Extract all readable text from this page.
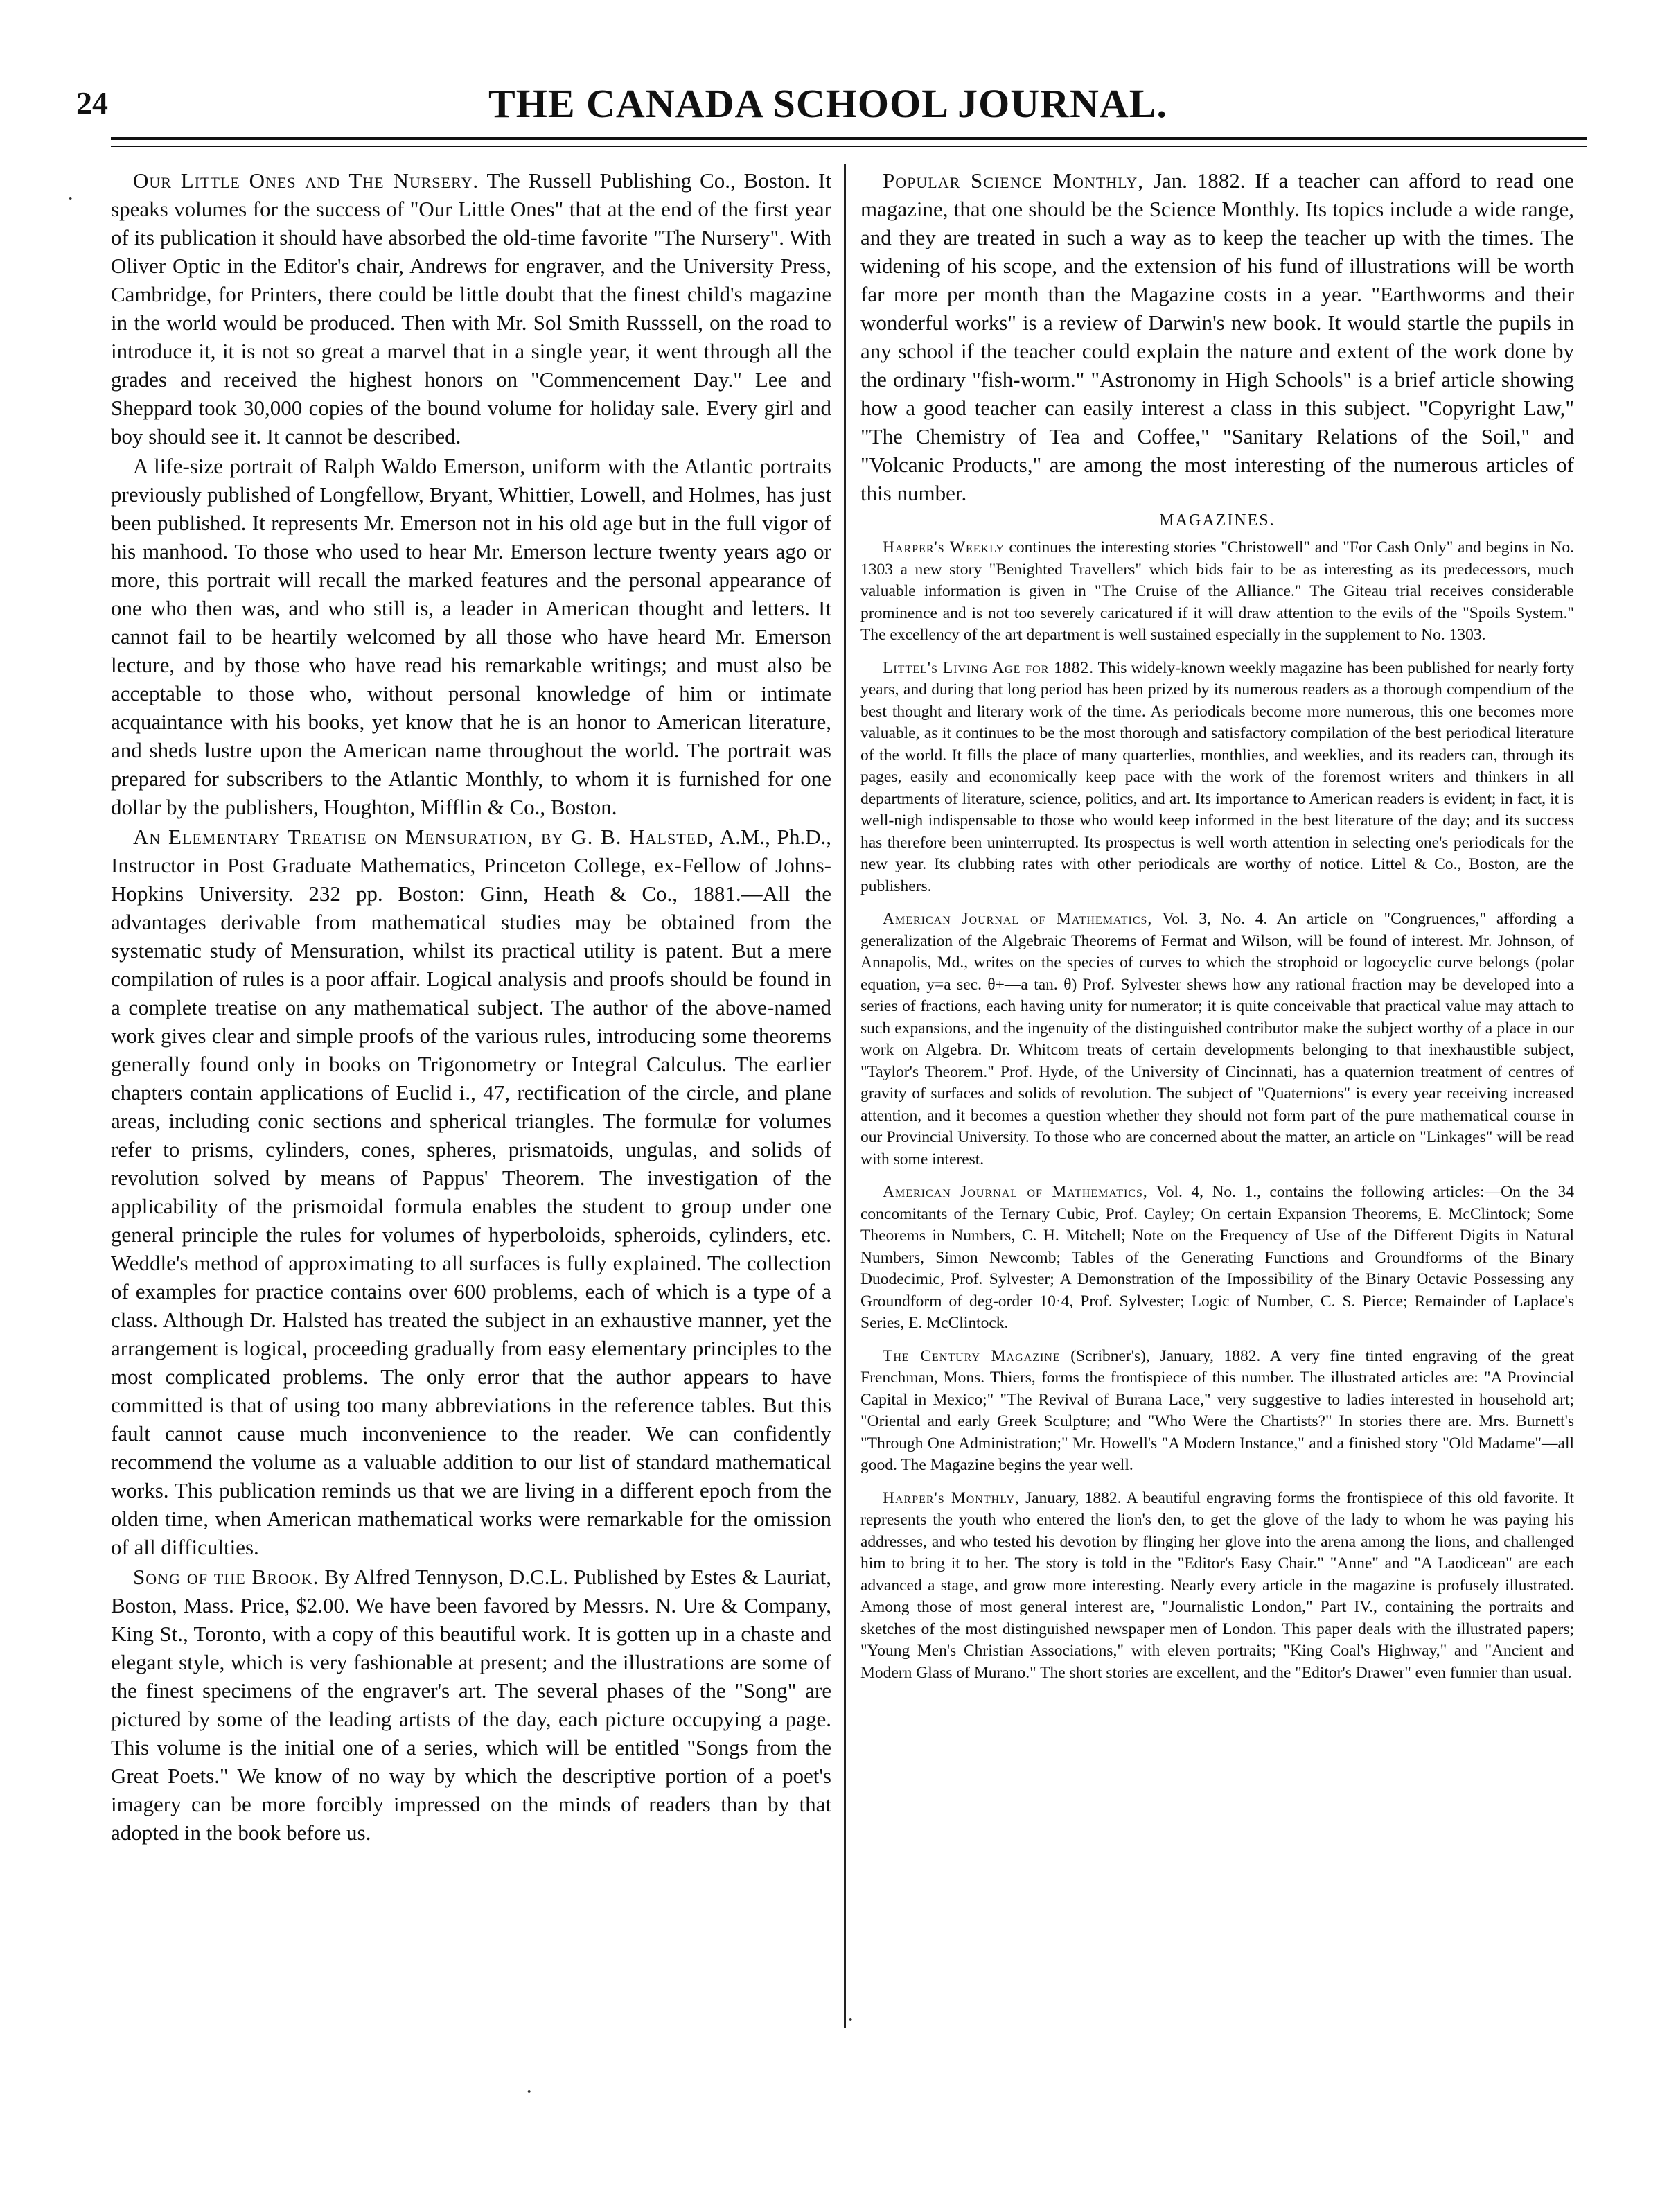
24	THE CANADA SCHOOL JOURNAL.

Our Little Ones and The Nursery. The Russell Publishing Co., Boston. It speaks volumes for the success of "Our Little Ones" that at the end of the first year of its publication it should have absorbed the old-time favorite "The Nursery". With Oliver Optic in the Editor's chair, Andrews for engraver, and the University Press, Cambridge, for Printers, there could be little doubt that the finest child's magazine in the world would be produced. Then with Mr. Sol Smith Russsell, on the road to introduce it, it is not so great a marvel that in a single year, it went through all the grades and received the highest honors on "Commencement Day." Lee and Sheppard took 30,000 copies of the bound volume for holiday sale. Every girl and boy should see it. It cannot be described.

A life-size portrait of Ralph Waldo Emerson, uniform with the Atlantic portraits previously published of Longfellow, Bryant, Whittier, Lowell, and Holmes, has just been published. It represents Mr. Emerson not in his old age but in the full vigor of his manhood. To those who used to hear Mr. Emerson lecture twenty years ago or more, this portrait will recall the marked features and the personal appearance of one who then was, and who still is, a leader in American thought and letters. It cannot fail to be heartily welcomed by all those who have heard Mr. Emerson lecture, and by those who have read his remarkable writings; and must also be acceptable to those who, without personal knowledge of him or intimate acquaintance with his books, yet know that he is an honor to American literature, and sheds lustre upon the American name throughout the world. The portrait was prepared for subscribers to the Atlantic Monthly, to whom it is furnished for one dollar by the publishers, Houghton, Mifflin & Co., Boston.

An Elementary Treatise on Mensuration, by G. B. Halsted, A.M., Ph.D., Instructor in Post Graduate Mathematics, Princeton College, ex-Fellow of Johns-Hopkins University. 232 pp. Boston: Ginn, Heath & Co., 1881.—All the advantages derivable from mathematical studies may be obtained from the systematic study of Mensuration, whilst its practical utility is patent. But a mere compilation of rules is a poor affair. Logical analysis and proofs should be found in a complete treatise on any mathematical subject. The author of the above-named work gives clear and simple proofs of the various rules, introducing some theorems generally found only in books on Trigonometry or Integral Calculus. The earlier chapters contain applications of Euclid i., 47, rectification of the circle, and plane areas, including conic sections and spherical triangles. The formulæ for volumes refer to prisms, cylinders, cones, spheres, prismatoids, ungulas, and solids of revolution solved by means of Pappus' Theorem. The investigation of the applicability of the prismoidal formula enables the student to group under one general principle the rules for volumes of hyperboloids, spheroids, cylinders, etc. Weddle's method of approximating to all surfaces is fully explained. The collection of examples for practice contains over 600 problems, each of which is a type of a class. Although Dr. Halsted has treated the subject in an exhaustive manner, yet the arrangement is logical, proceeding gradually from easy elementary principles to the most complicated problems. The only error that the author appears to have committed is that of using too many abbreviations in the reference tables. But this fault cannot cause much inconvenience to the reader. We can confidently recommend the volume as a valuable addition to our list of standard mathematical works. This publication reminds us that we are living in a different epoch from the olden time, when American mathematical works were remarkable for the omission of all difficulties.

Song of the Brook. By Alfred Tennyson, D.C.L. Published by Estes & Lauriat, Boston, Mass. Price, $2.00. We have been favored by Messrs. N. Ure & Company, King St., Toronto, with a copy of this beautiful work. It is gotten up in a chaste and elegant style, which is very fashionable at present; and the illustrations are some of the finest specimens of the engraver's art. The several phases of the "Song" are pictured by some of the leading artists of the day, each picture occupying a page. This volume is the initial one of a series, which will be entitled "Songs from the Great Poets." We know of no way by which the descriptive portion of a poet's imagery can be more forcibly impressed on the minds of readers than by that adopted in the book before us.

Popular Science Monthly, Jan. 1882. If a teacher can afford to read one magazine, that one should be the Science Monthly. Its topics include a wide range, and they are treated in such a way as to keep the teacher up with the times. The widening of his scope, and the extension of his fund of illustrations will be worth far more per month than the Magazine costs in a year. "Earthworms and their wonderful works" is a review of Darwin's new book. It would startle the pupils in any school if the teacher could explain the nature and extent of the work done by the ordinary "fish-worm." "Astronomy in High Schools" is a brief article showing how a good teacher can easily interest a class in this subject. "Copyright Law," "The Chemistry of Tea and Coffee," "Sanitary Relations of the Soil," and "Volcanic Products," are among the most interesting of the numerous articles of this number.

MAGAZINES.

Harper's Weekly continues the interesting stories "Christowell" and "For Cash Only" and begins in No. 1303 a new story "Benighted Travellers" which bids fair to be as interesting as its predecessors, much valuable information is given in "The Cruise of the Alliance." The Giteau trial receives considerable prominence and is not too severely caricatured if it will draw attention to the evils of the "Spoils System." The excellency of the art department is well sustained especially in the supplement to No. 1303.

Littel's Living Age for 1882. This widely-known weekly magazine has been published for nearly forty years, and during that long period has been prized by its numerous readers as a thorough compendium of the best thought and literary work of the time. As periodicals become more numerous, this one becomes more valuable, as it continues to be the most thorough and satisfactory compilation of the best periodical literature of the world. It fills the place of many quarterlies, monthlies, and weeklies, and its readers can, through its pages, easily and economically keep pace with the work of the foremost writers and thinkers in all departments of literature, science, politics, and art. Its importance to American readers is evident; in fact, it is well-nigh indispensable to those who would keep informed in the best literature of the day; and its success has therefore been uninterrupted. Its prospectus is well worth attention in selecting one's periodicals for the new year. Its clubbing rates with other periodicals are worthy of notice. Littel & Co., Boston, are the publishers.

American Journal of Mathematics, Vol. 3, No. 4. An article on "Congruences," affording a generalization of the Algebraic Theorems of Fermat and Wilson, will be found of interest. Mr. Johnson, of Annapolis, Md., writes on the species of curves to which the strophoid or logocyclic curve belongs (polar equation, y=a sec. θ+—a tan. θ) Prof. Sylvester shews how any rational fraction may be developed into a series of fractions, each having unity for numerator; it is quite conceivable that practical value may attach to such expansions, and the ingenuity of the distinguished contributor make the subject worthy of a place in our work on Algebra. Dr. Whitcom treats of certain developments belonging to that inexhaustible subject, "Taylor's Theorem." Prof. Hyde, of the University of Cincinnati, has a quaternion treatment of centres of gravity of surfaces and solids of revolution. The subject of "Quaternions" is every year receiving increased attention, and it becomes a question whether they should not form part of the pure mathematical course in our Provincial University. To those who are concerned about the matter, an article on "Linkages" will be read with some interest.

American Journal of Mathematics, Vol. 4, No. 1., contains the following articles:—On the 34 concomitants of the Ternary Cubic, Prof. Cayley; On certain Expansion Theorems, E. McClintock; Some Theorems in Numbers, C. H. Mitchell; Note on the Frequency of Use of the Different Digits in Natural Numbers, Simon Newcomb; Tables of the Generating Functions and Groundforms of the Binary Duodecimic, Prof. Sylvester; A Demonstration of the Impossibility of the Binary Octavic Possessing any Groundform of deg-order 10·4, Prof. Sylvester; Logic of Number, C. S. Pierce; Remainder of Laplace's Series, E. McClintock.

The Century Magazine (Scribner's), January, 1882. A very fine tinted engraving of the great Frenchman, Mons. Thiers, forms the frontispiece of this number. The illustrated articles are: "A Provincial Capital in Mexico;" "The Revival of Burana Lace," very suggestive to ladies interested in household art; "Oriental and early Greek Sculpture; and "Who Were the Chartists?" In stories there are. Mrs. Burnett's "Through One Administration;" Mr. Howell's "A Modern Instance," and a finished story "Old Madame"—all good. The Magazine begins the year well.

Harper's Monthly, January, 1882. A beautiful engraving forms the frontispiece of this old favorite. It represents the youth who entered the lion's den, to get the glove of the lady to whom he was paying his addresses, and who tested his devotion by flinging her glove into the arena among the lions, and challenged him to bring it to her. The story is told in the "Editor's Easy Chair." "Anne" and "A Laodicean" are each advanced a stage, and grow more interesting. Nearly every article in the magazine is profusely illustrated. Among those of most general interest are, "Journalistic London," Part IV., containing the portraits and sketches of the most distinguished newspaper men of London. This paper deals with the illustrated papers; "Young Men's Christian Associations," with eleven portraits; "King Coal's Highway," and "Ancient and Modern Glass of Murano." The short stories are excellent, and the "Editor's Drawer" even funnier than usual.

·
·
·
